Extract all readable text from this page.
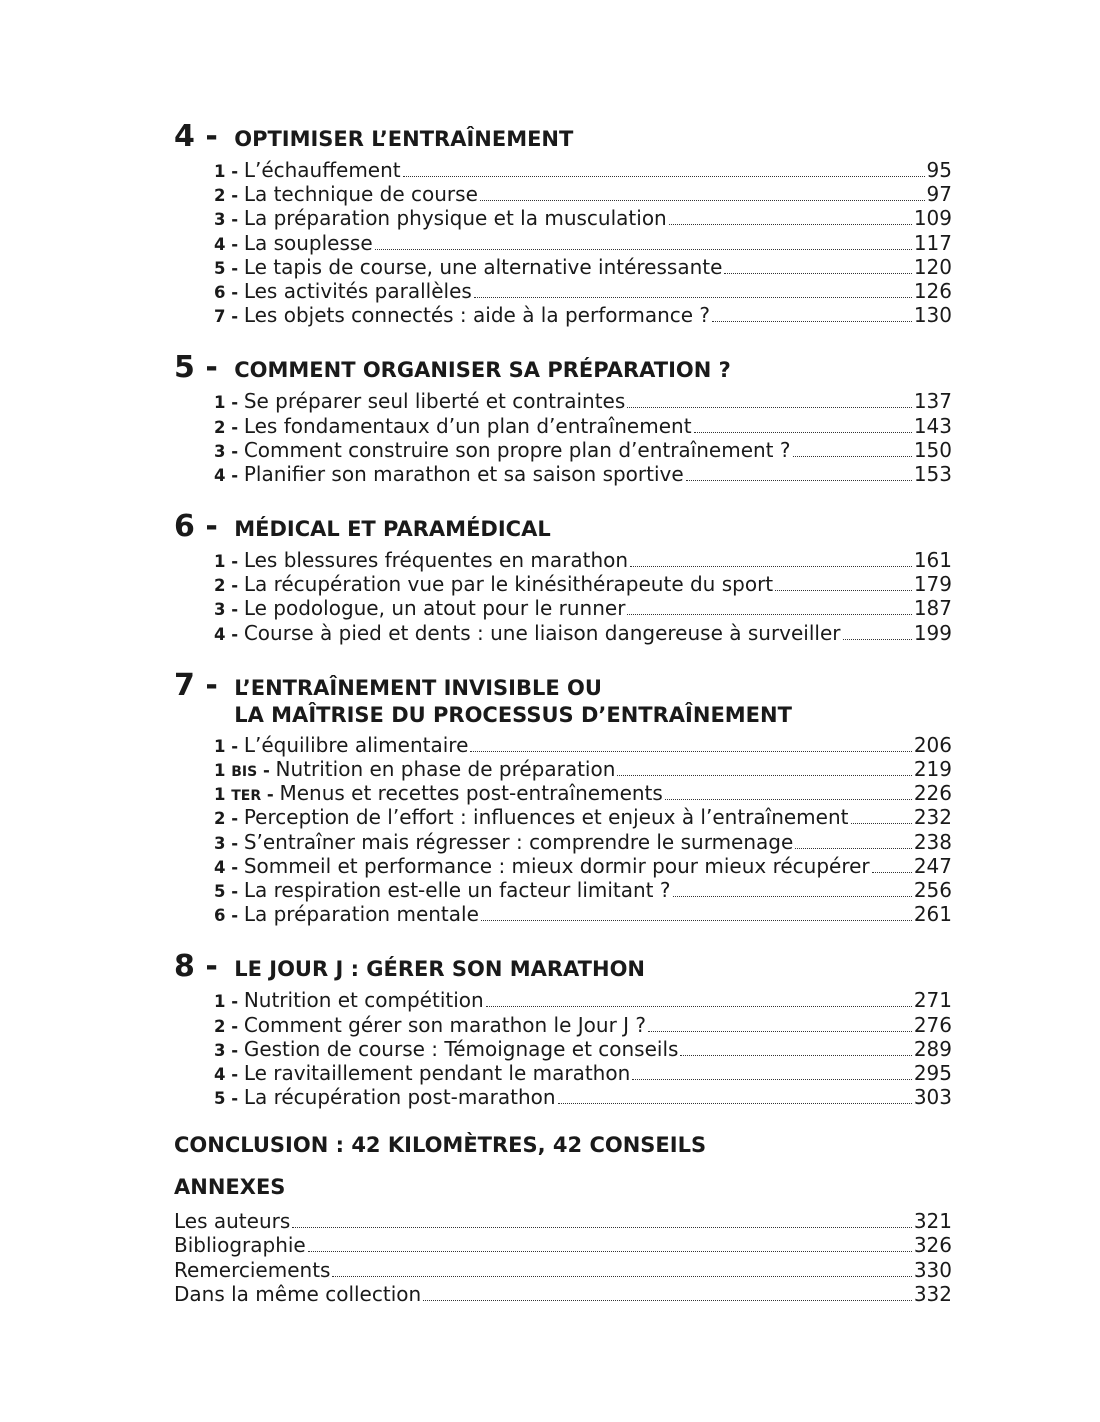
4 - OPTIMISER L’ENTRAÎNEMENT
1 - L’échauffement	95
2 - La technique de course	97
3 - La préparation physique et la musculation	109
4 - La souplesse	117
5 - Le tapis de course, une alternative intéressante	120
6 - Les activités parallèles	126
7 - Les objets connectés : aide à la performance ?	130
5 - COMMENT ORGANISER SA PRÉPARATION ?
1 - Se préparer seul liberté et contraintes	137
2 - Les fondamentaux d’un plan d’entraînement	143
3 - Comment construire son propre plan d’entraînement ?	150
4 - Planifier son marathon et sa saison sportive	153
6 - MÉDICAL ET PARAMÉDICAL
1 - Les blessures fréquentes en marathon	161
2 - La récupération vue par le kinésithérapeute du sport	179
3 - Le podologue, un atout pour le runner	187
4 - Course à pied et dents : une liaison dangereuse à surveiller	199
7 - L’ENTRAÎNEMENT INVISIBLE OU
LA MAÎTRISE DU PROCESSUS D’ENTRAÎNEMENT
1 - L’équilibre alimentaire	206
1 BIS - Nutrition en phase de préparation	219
1 TER - Menus et recettes post-entraînements	226
2 - Perception de l’effort : influences et enjeux à l’entraînement	232
3 - S’entraîner mais régresser : comprendre le surmenage	238
4 - Sommeil et performance : mieux dormir pour mieux récupérer 247
5 - La respiration est-elle un facteur limitant ?	256
6 - La préparation mentale	261
8 - LE JOUR J : GÉRER SON MARATHON
1 - Nutrition et compétition	271
2 - Comment gérer son marathon le Jour J ?	276
3 - Gestion de course : Témoignage et conseils	289
4 - Le ravitaillement pendant le marathon	295
5 - La récupération post-marathon	303
CONCLUSION : 42 KILOMÈTRES, 42 CONSEILS
ANNEXES
Les auteurs	321
Bibliographie	326
Remerciements	330
Dans la même collection	332
